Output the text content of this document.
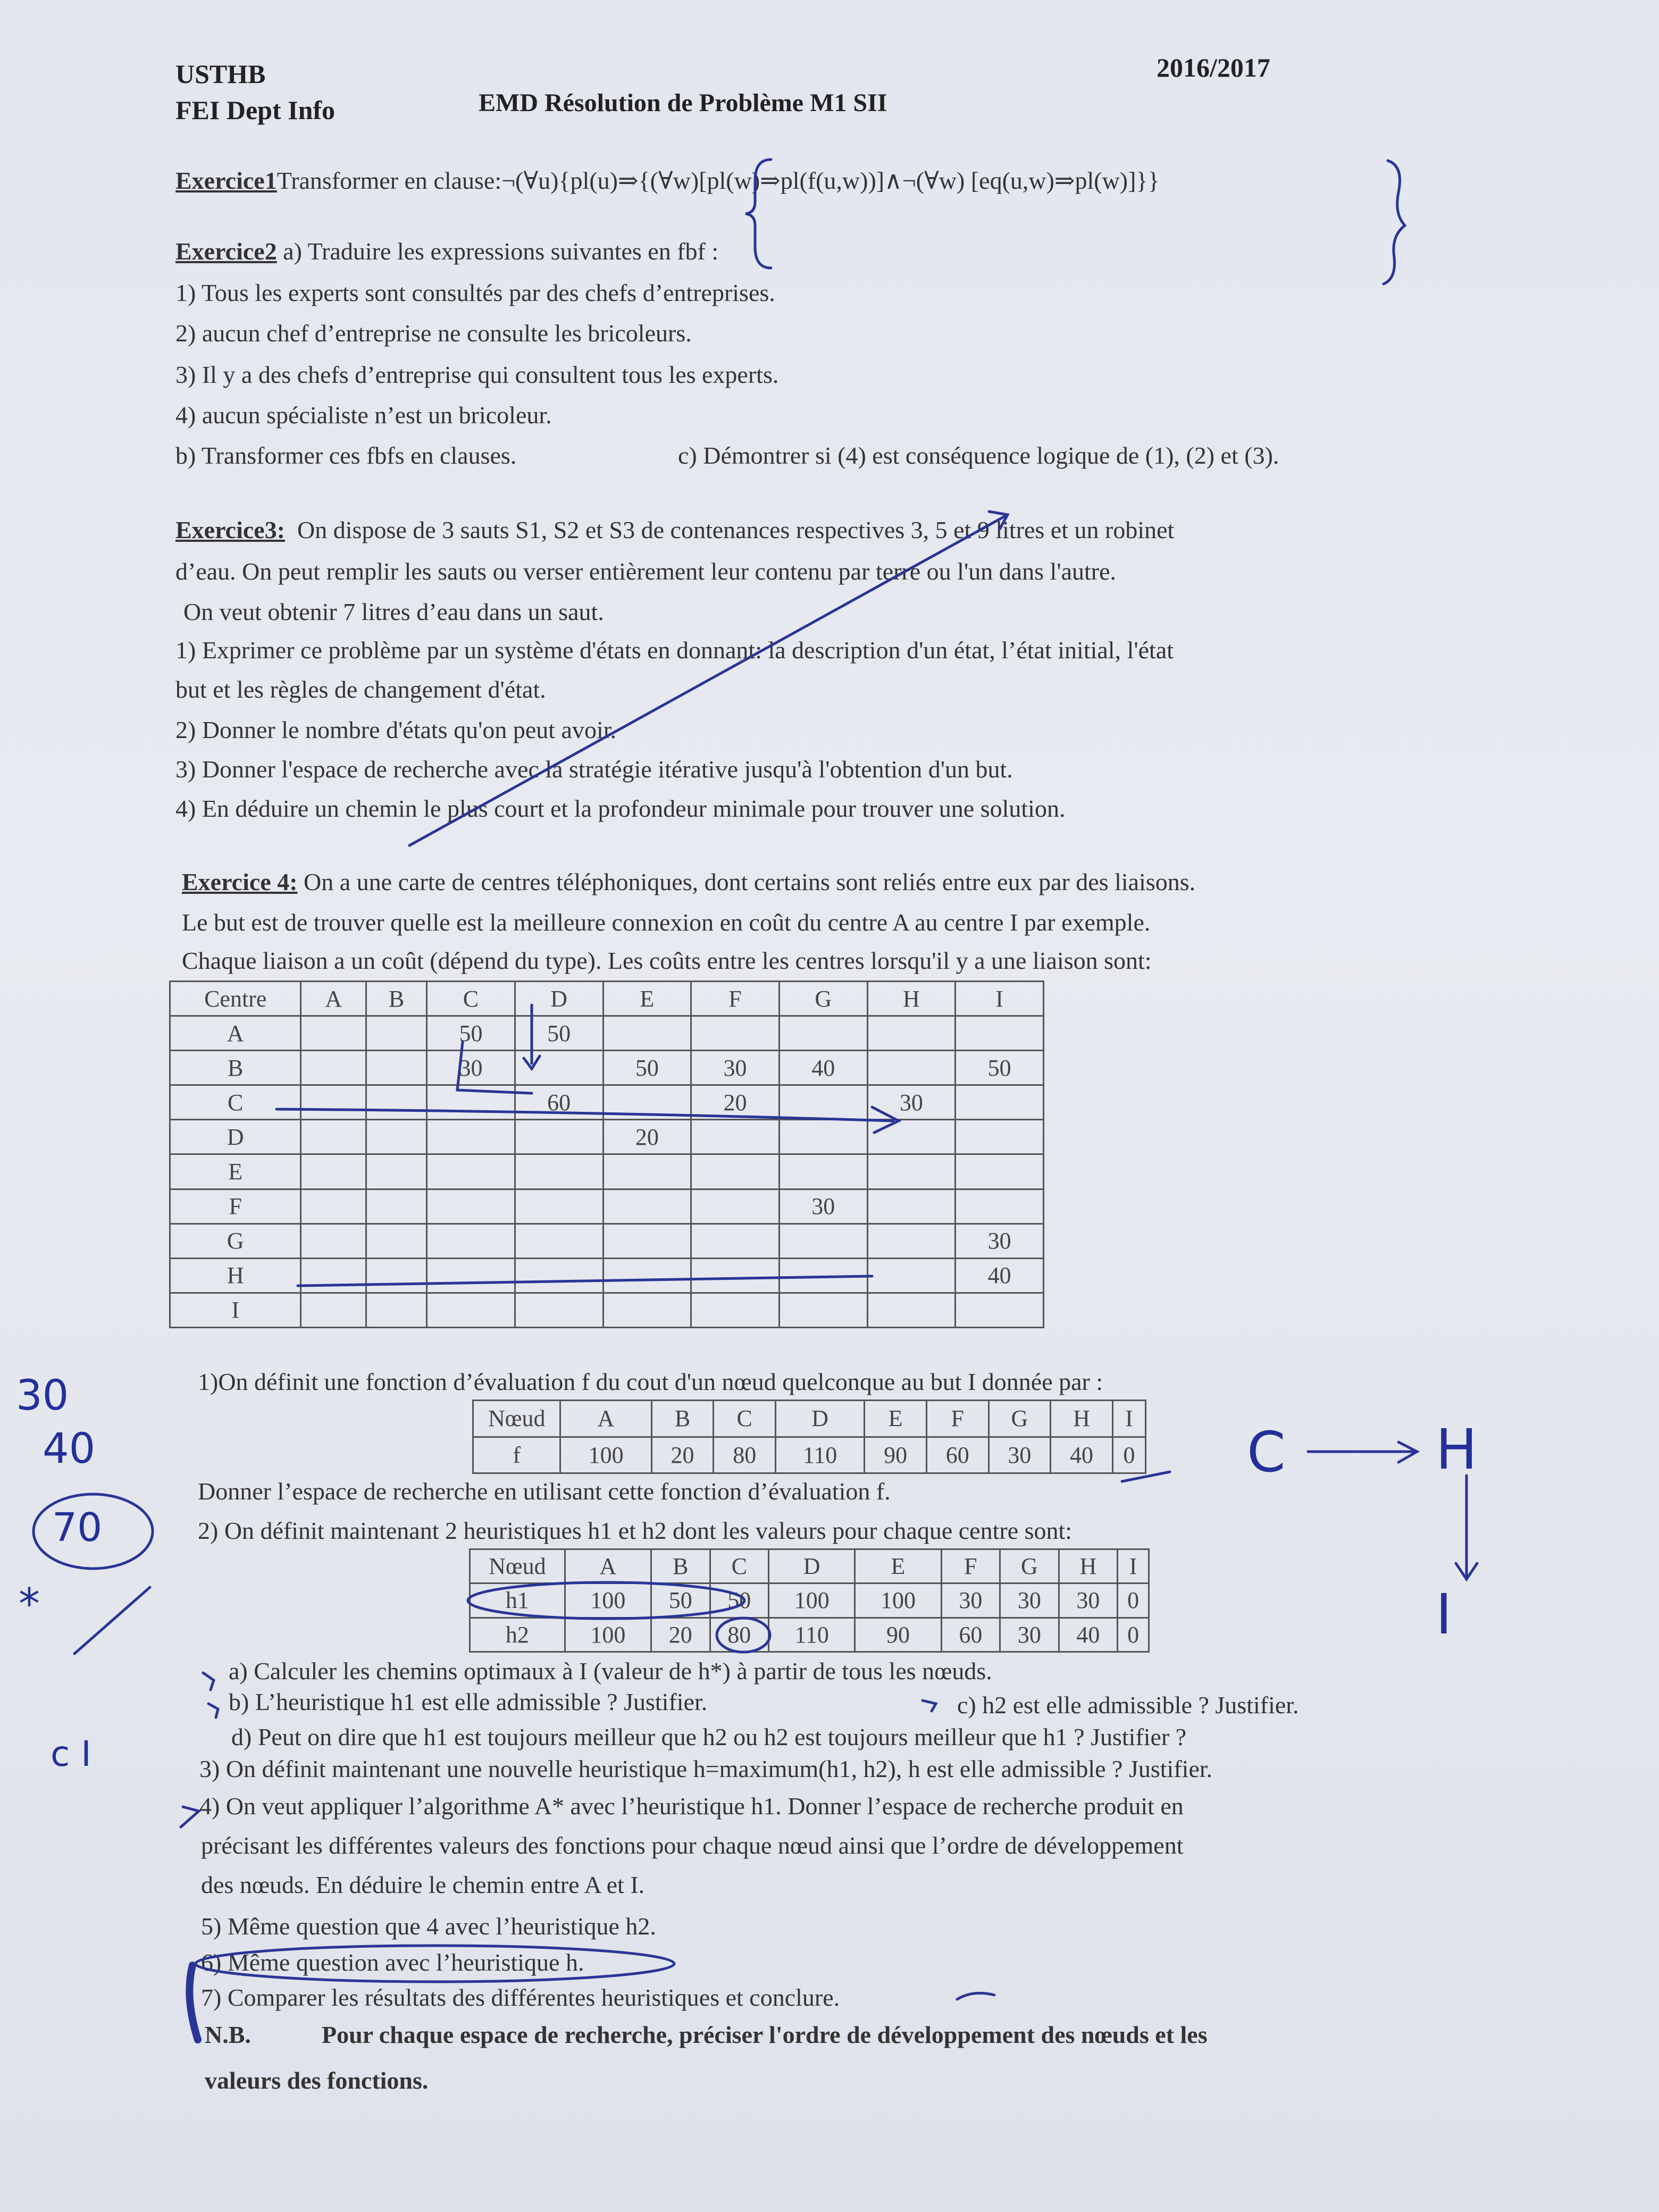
USTHB
FEI Dept Info	EMD Résolution de Problème M1 SII
2016/2017
Exercice1Transformer en clause:¬(∀u){pl(u)⇒{(∀w)[pl(w)⇒pl(f(u,w))]∧¬(∀w) [eq(u,w)⇒pl(w)]}}
Exercice2 a) Traduire les expressions suivantes en fbf :
1) Tous les experts sont consultés par des chefs d’entreprises.
2) aucun chef d’entreprise ne consulte les bricoleurs.
3) Il y a des chefs d’entreprise qui consultent tous les experts.
4) aucun spécialiste n’est un bricoleur.
b) Transformer ces fbfs en clauses.	c) Démontrer si (4) est conséquence logique de (1), (2) et (3).
Exercice3: On dispose de 3 sauts S1, S2 et S3 de contenances respectives 3, 5 et 9 litres et un robinet
d’eau. On peut remplir les sauts ou verser entièrement leur contenu par terre ou l'un dans l'autre.
On veut obtenir 7 litres d’eau dans un saut.
1) Exprimer ce problème par un système d'états en donnant: la description d'un état, l’état initial, l'état
but et les règles de changement d'état.
2) Donner le nombre d'états qu'on peut avoir.
3) Donner l'espace de recherche avec la stratégie itérative jusqu'à l'obtention d'un but.
4) En déduire un chemin le plus court et la profondeur minimale pour trouver une solution.
Exercice 4: On a une carte de centres téléphoniques, dont certains sont reliés entre eux par des liaisons.
Le but est de trouver quelle est la meilleure connexion en coût du centre A au centre I par exemple.
Chaque liaison a un coût (dépend du type). Les coûts entre les centres lorsqu'il y a une liaison sont:
Centre	A	B	C	D	E	F	G	H	I
A			50	50					
B			30		50	30	40		50
C				60		20		30	
D					20				
E									
F							30		
G									30
H									40
I									
1)On définit une fonction d’évaluation f du cout d'un nœud quelconque au but I donnée par :
Nœud	A	B	C	D	E	F	G	H	I
f	100	20	80	110	90	60	30	40	0
Donner l’espace de recherche en utilisant cette fonction d’évaluation f.
2) On définit maintenant 2 heuristiques h1 et h2 dont les valeurs pour chaque centre sont:
Nœud	A	B	C	D	E	F	G	H	I
h1	100	50	50	100	100	30	30	30	0
h2	100	20	80	110	90	60	30	40	0
a) Calculer les chemins optimaux à I (valeur de h*) à partir de tous les nœuds.
b) L’heuristique h1 est elle admissible ? Justifier.	c) h2 est elle admissible ? Justifier.
d) Peut on dire que h1 est toujours meilleur que h2 ou h2 est toujours meilleur que h1 ? Justifier ?
3) On définit maintenant une nouvelle heuristique h=maximum(h1, h2), h est elle admissible ? Justifier.
4) On veut appliquer l’algorithme A* avec l’heuristique h1. Donner l’espace de recherche produit en
précisant les différentes valeurs des fonctions pour chaque nœud ainsi que l’ordre de développement
des nœuds. En déduire le chemin entre A et I.
5) Même question que 4 avec l’heuristique h2.
6) Même question avec l’heuristique h.
7) Comparer les résultats des différentes heuristiques et conclure.
N.B.	Pour chaque espace de recherche, préciser l'ordre de développement des nœuds et les
valeurs des fonctions.
30
40
70
*
c I
C	H
I
